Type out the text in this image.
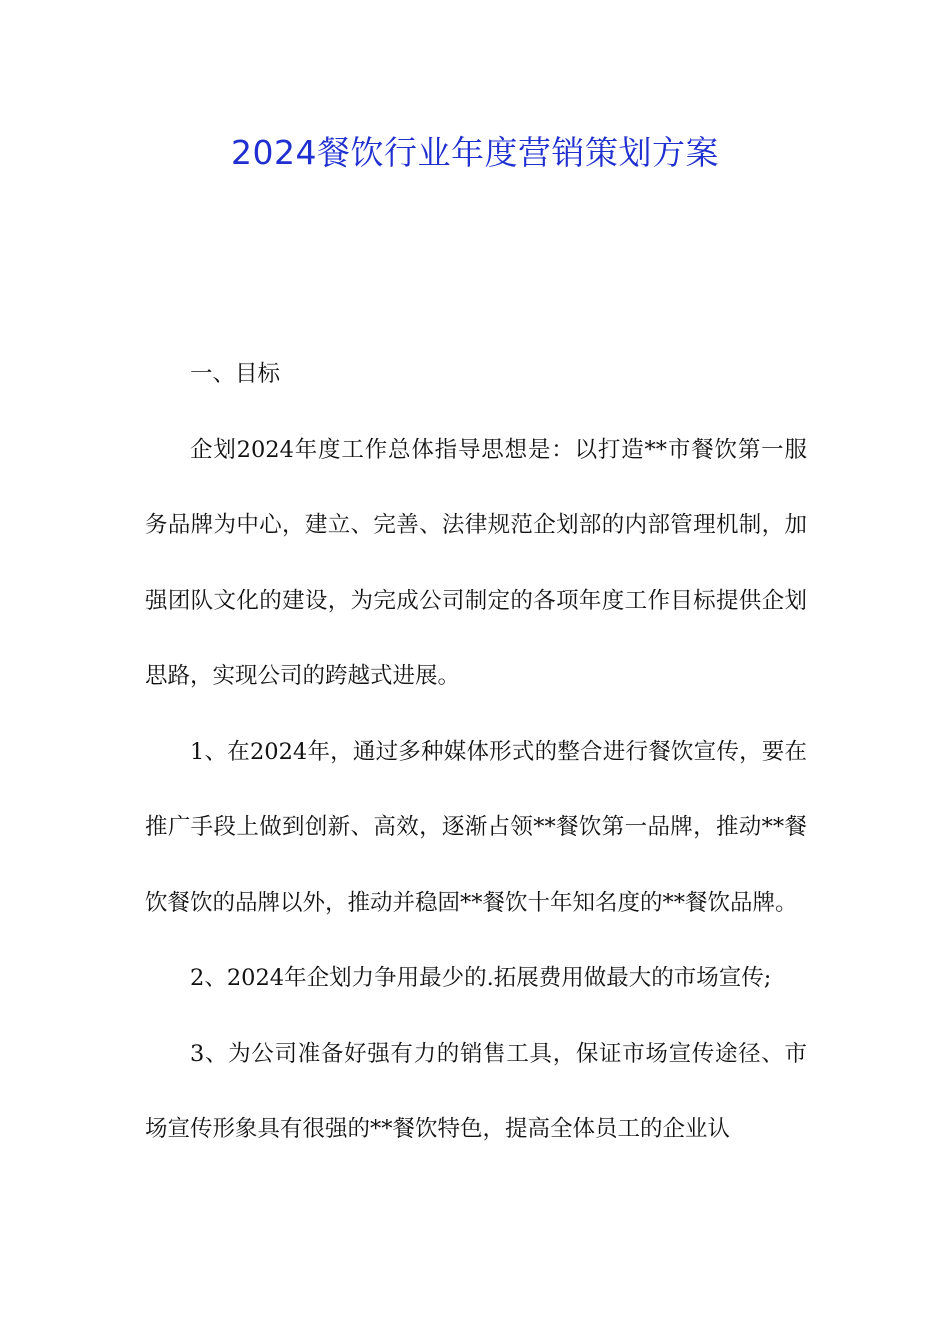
2024餐饮行业年度营销策划方案

一、目标

企划2024年度工作总体指导思想是：以打造**市餐饮第一服务品牌为中心，建立、完善、法律规范企划部的内部管理机制，加强团队文化的建设，为完成公司制定的各项年度工作目标提供企划思路，实现公司的跨越式进展。

1、在2024年，通过多种媒体形式的整合进行餐饮宣传，要在推广手段上做到创新、高效，逐渐占领**餐饮第一品牌，推动**餐饮餐饮的品牌以外，推动并稳固**餐饮十年知名度的**餐饮品牌。

2、2024年企划力争用最少的.拓展费用做最大的市场宣传;

3、为公司准备好强有力的销售工具，保证市场宣传途径、市场宣传形象具有很强的**餐饮特色，提高全体员工的企业认
